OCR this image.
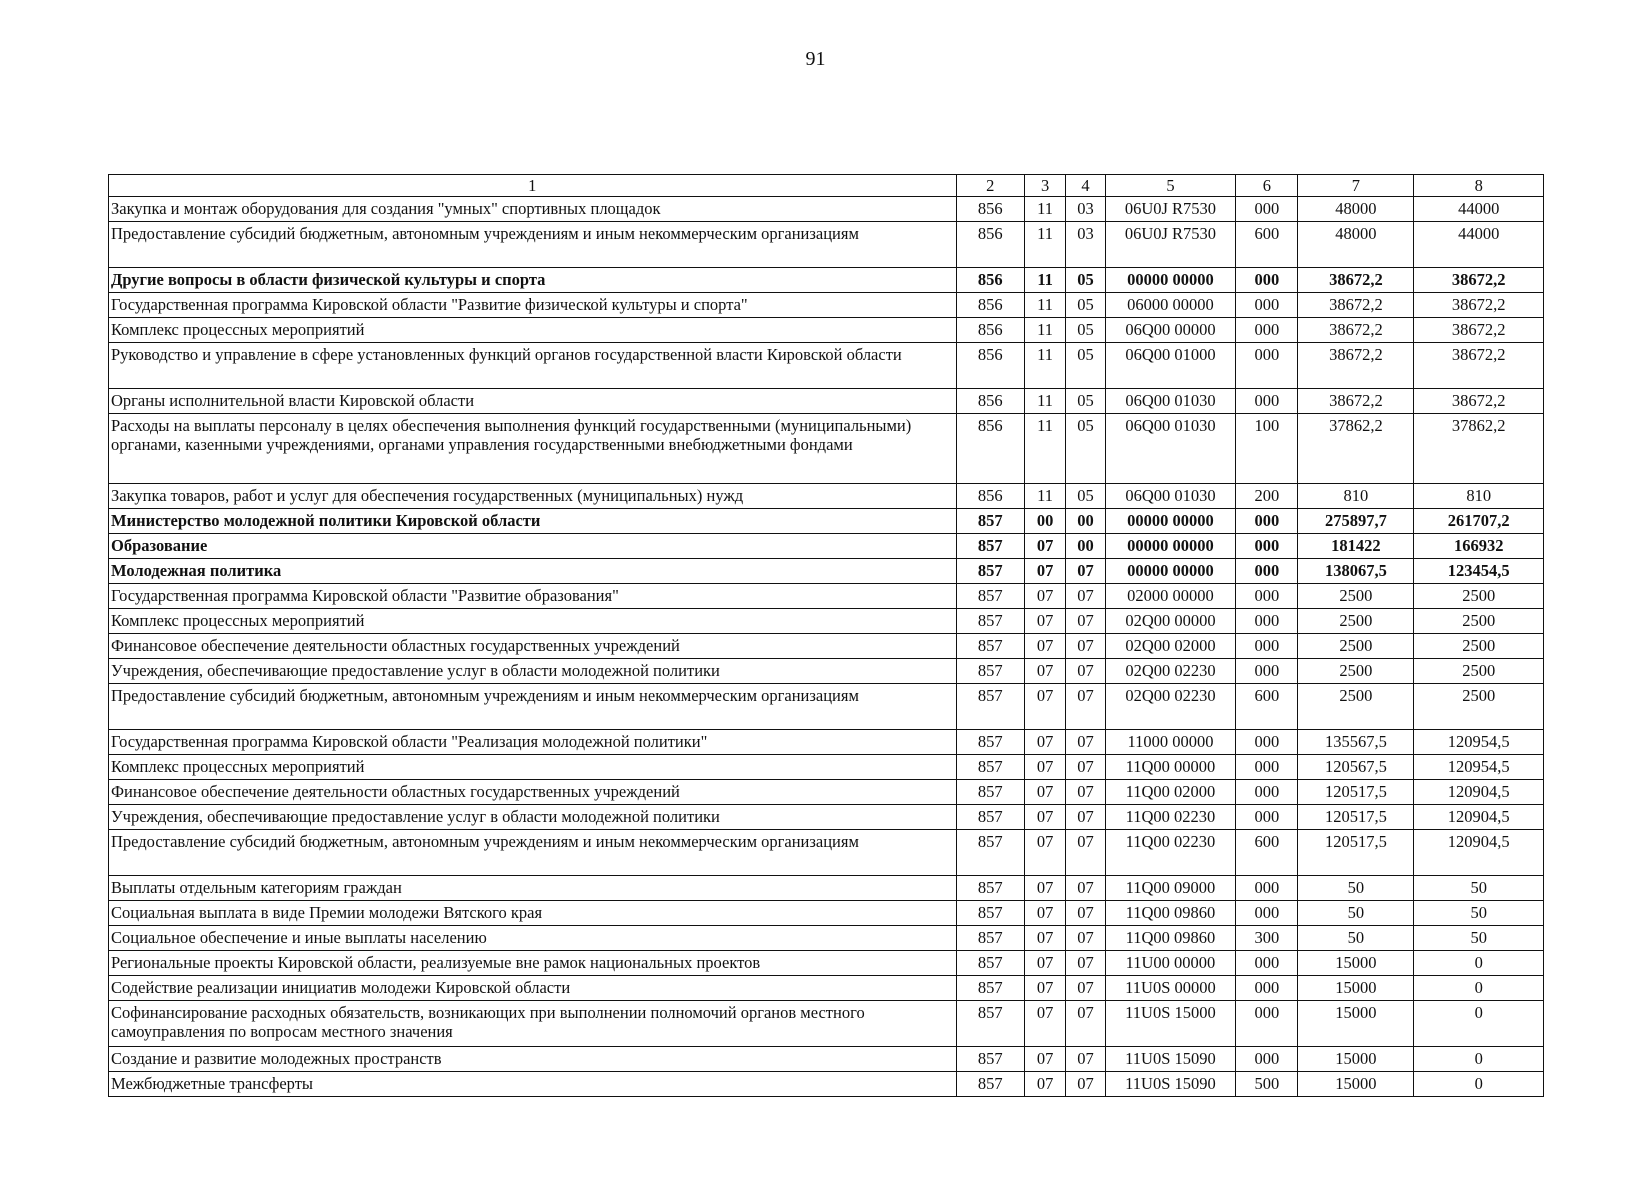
91
1	2	3	4	5	6	7	8
Закупка и монтаж оборудования для создания "умных" спортивных площадок	856	11	03	06U0J R7530	000	48000	44000
Предоставление субсидий бюджетным, автономным учреждениям и иным некоммерческим организациям	856	11	03	06U0J R7530	600	48000	44000
Другие вопросы в области физической культуры и спорта	856	11	05	00000 00000	000	38672,2	38672,2
Государственная программа Кировской области "Развитие физической культуры и спорта"	856	11	05	06000 00000	000	38672,2	38672,2
Комплекс процессных мероприятий	856	11	05	06Q00 00000	000	38672,2	38672,2
Руководство и управление в сфере установленных функций органов государственной власти Кировской области	856	11	05	06Q00 01000	000	38672,2	38672,2
Органы исполнительной власти Кировской области	856	11	05	06Q00 01030	000	38672,2	38672,2
Расходы на выплаты персоналу в целях обеспечения выполнения функций государственными (муниципальными) органами, казенными учреждениями, органами управления государственными внебюджетными фондами	856	11	05	06Q00 01030	100	37862,2	37862,2
Закупка товаров, работ и услуг для обеспечения государственных (муниципальных) нужд	856	11	05	06Q00 01030	200	810	810
Министерство молодежной политики Кировской области	857	00	00	00000 00000	000	275897,7	261707,2
Образование	857	07	00	00000 00000	000	181422	166932
Молодежная политика	857	07	07	00000 00000	000	138067,5	123454,5
Государственная программа Кировской области "Развитие образования"	857	07	07	02000 00000	000	2500	2500
Комплекс процессных мероприятий	857	07	07	02Q00 00000	000	2500	2500
Финансовое обеспечение деятельности областных государственных учреждений	857	07	07	02Q00 02000	000	2500	2500
Учреждения, обеспечивающие предоставление услуг в области молодежной политики	857	07	07	02Q00 02230	000	2500	2500
Предоставление субсидий бюджетным, автономным учреждениям и иным некоммерческим организациям	857	07	07	02Q00 02230	600	2500	2500
Государственная программа Кировской области "Реализация молодежной политики"	857	07	07	11000 00000	000	135567,5	120954,5
Комплекс процессных мероприятий	857	07	07	11Q00 00000	000	120567,5	120954,5
Финансовое обеспечение деятельности областных государственных учреждений	857	07	07	11Q00 02000	000	120517,5	120904,5
Учреждения, обеспечивающие предоставление услуг в области молодежной политики	857	07	07	11Q00 02230	000	120517,5	120904,5
Предоставление субсидий бюджетным, автономным учреждениям и иным некоммерческим организациям	857	07	07	11Q00 02230	600	120517,5	120904,5
Выплаты отдельным категориям граждан	857	07	07	11Q00 09000	000	50	50
Социальная выплата в виде Премии молодежи Вятского края	857	07	07	11Q00 09860	000	50	50
Социальное обеспечение и иные выплаты населению	857	07	07	11Q00 09860	300	50	50
Региональные проекты Кировской области, реализуемые вне рамок национальных проектов	857	07	07	11U00 00000	000	15000	0
Содействие реализации инициатив молодежи Кировской области	857	07	07	11U0S 00000	000	15000	0
Софинансирование расходных обязательств, возникающих при выполнении полномочий органов местного самоуправления по вопросам местного значения	857	07	07	11U0S 15000	000	15000	0
Создание и развитие молодежных пространств	857	07	07	11U0S 15090	000	15000	0
Межбюджетные трансферты	857	07	07	11U0S 15090	500	15000	0
